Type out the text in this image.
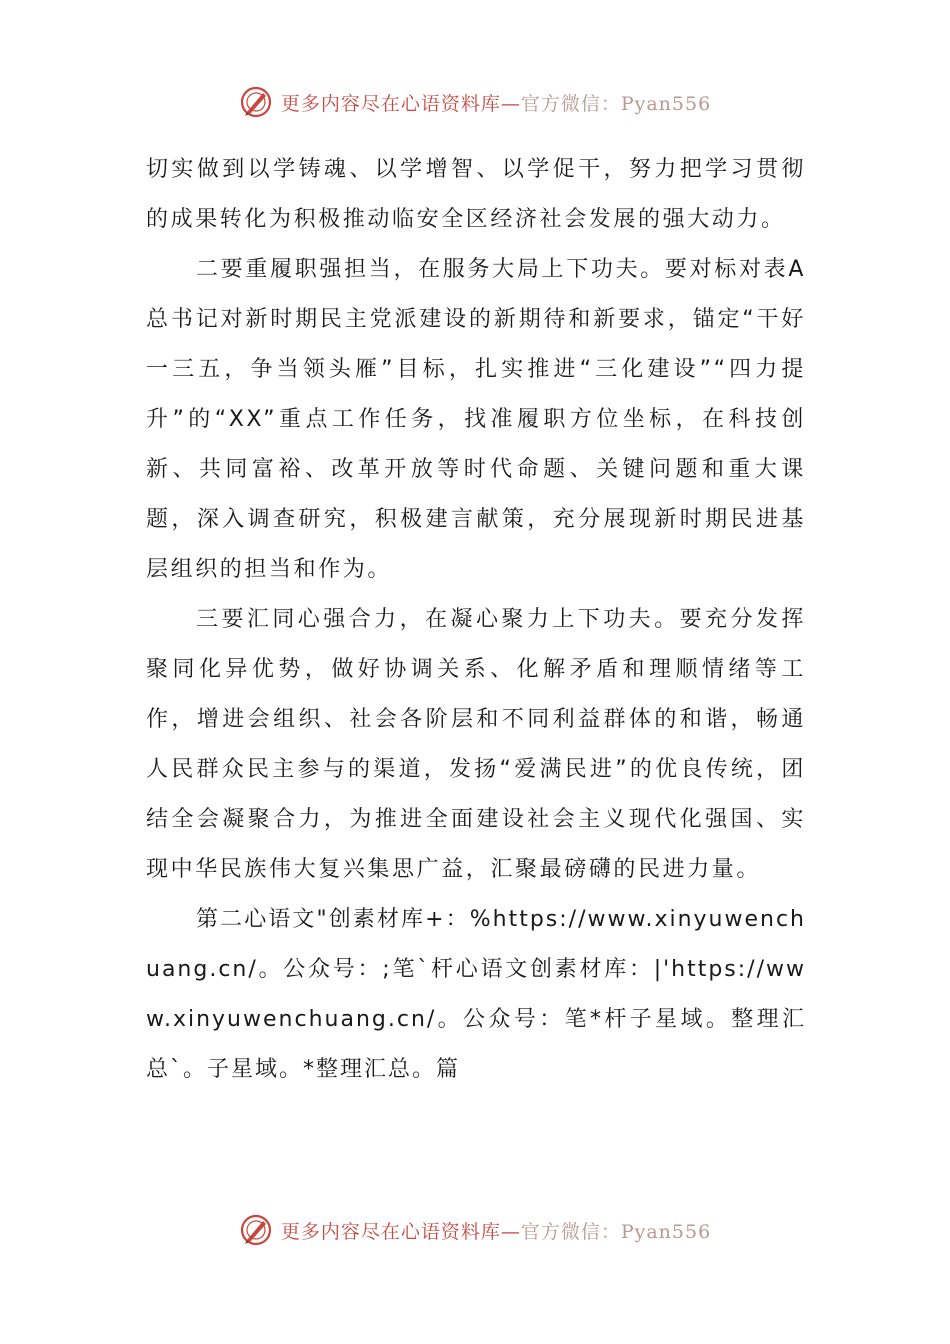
更多内容尽在心语资料库—官方微信：Pyan556

切实做到以学铸魂、以学增智、以学促干，努力把学习贯彻的成果转化为积极推动临安全区经济社会发展的强大动力。

二要重履职强担当，在服务大局上下功夫。要对标对表A总书记对新时期民主党派建设的新期待和新要求，锚定“干好一三五，争当领头雁”目标，扎实推进“三化建设”“四力提升”的“XX”重点工作任务，找准履职方位坐标，在科技创新、共同富裕、改革开放等时代命题、关键问题和重大课题，深入调查研究，积极建言献策，充分展现新时期民进基层组织的担当和作为。

三要汇同心强合力，在凝心聚力上下功夫。要充分发挥聚同化异优势，做好协调关系、化解矛盾和理顺情绪等工作，增进会组织、社会各阶层和不同利益群体的和谐，畅通人民群众民主参与的渠道，发扬“爱满民进”的优良传统，团结全会凝聚合力，为推进全面建设社会主义现代化强国、实现中华民族伟大复兴集思广益，汇聚最磅礴的民进力量。

第二心语文"创素材库+：%https://www.xinyuwenchuang.cn/。公众号：;笔`杆心语文创素材库：|'https://www.xinyuwenchuang.cn/。公众号：笔*杆子星域。整理汇总`。子星域。*整理汇总。篇

更多内容尽在心语资料库—官方微信：Pyan556
